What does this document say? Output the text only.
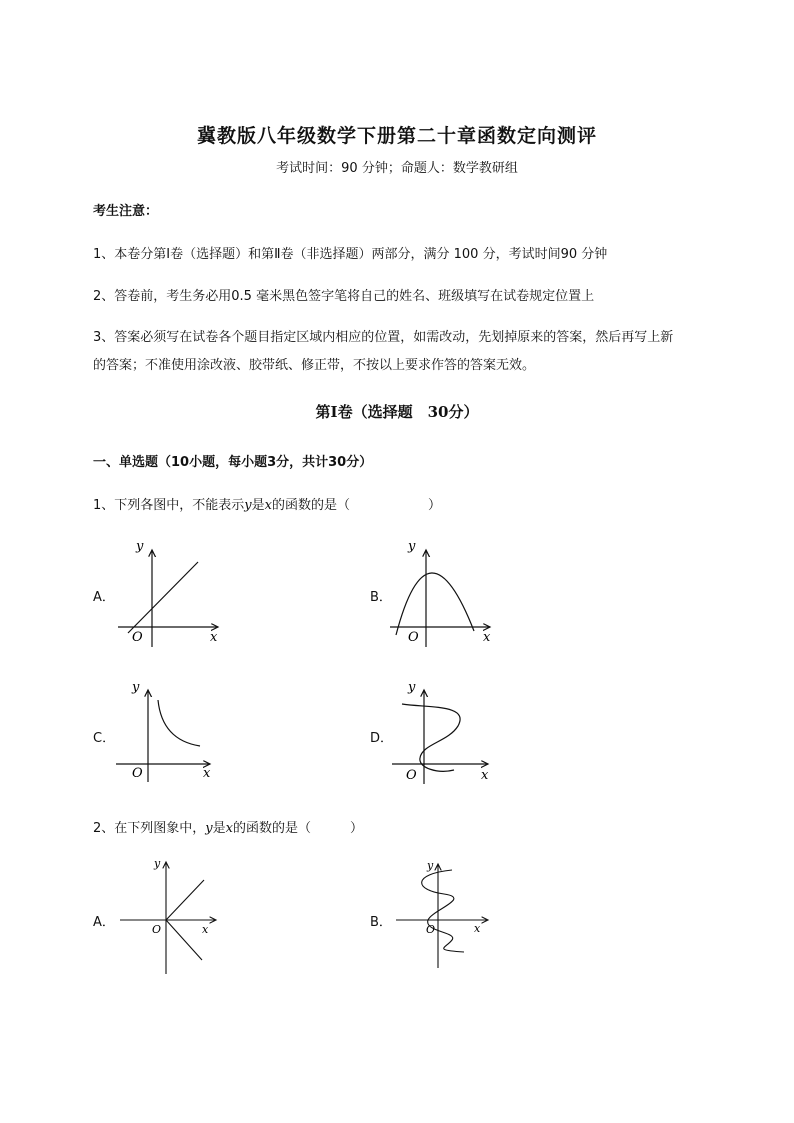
冀教版八年级数学下册第二十章函数定向测评
考试时间：90 分钟；命题人：数学教研组
考生注意：
1、本卷分第Ⅰ卷（选择题）和第Ⅱ卷（非选择题）两部分，满分 100 分，考试时间90 分钟
2、答卷前，考生务必用0.5 毫米黑色签字笔将自己的姓名、班级填写在试卷规定位置上
3、答案必须写在试卷各个题目指定区域内相应的位置，如需改动，先划掉原来的答案，然后再写上新
的答案；不准使用涂改液、胶带纸、修正带，不按以上要求作答的答案无效。
第Ⅰ卷（选择题　30分）
一、单选题（10小题，每小题3分，共计30分）
1、下列各图中，不能表示y是x的函数的是（　　　　　　）
A．	B．
C．	D．
x
y
O	x
y
O
x
y
O	x
y
O
2、在下列图象中，y是x的函数的是（　　　）
A．	B．
x
y
O	x
y
O
